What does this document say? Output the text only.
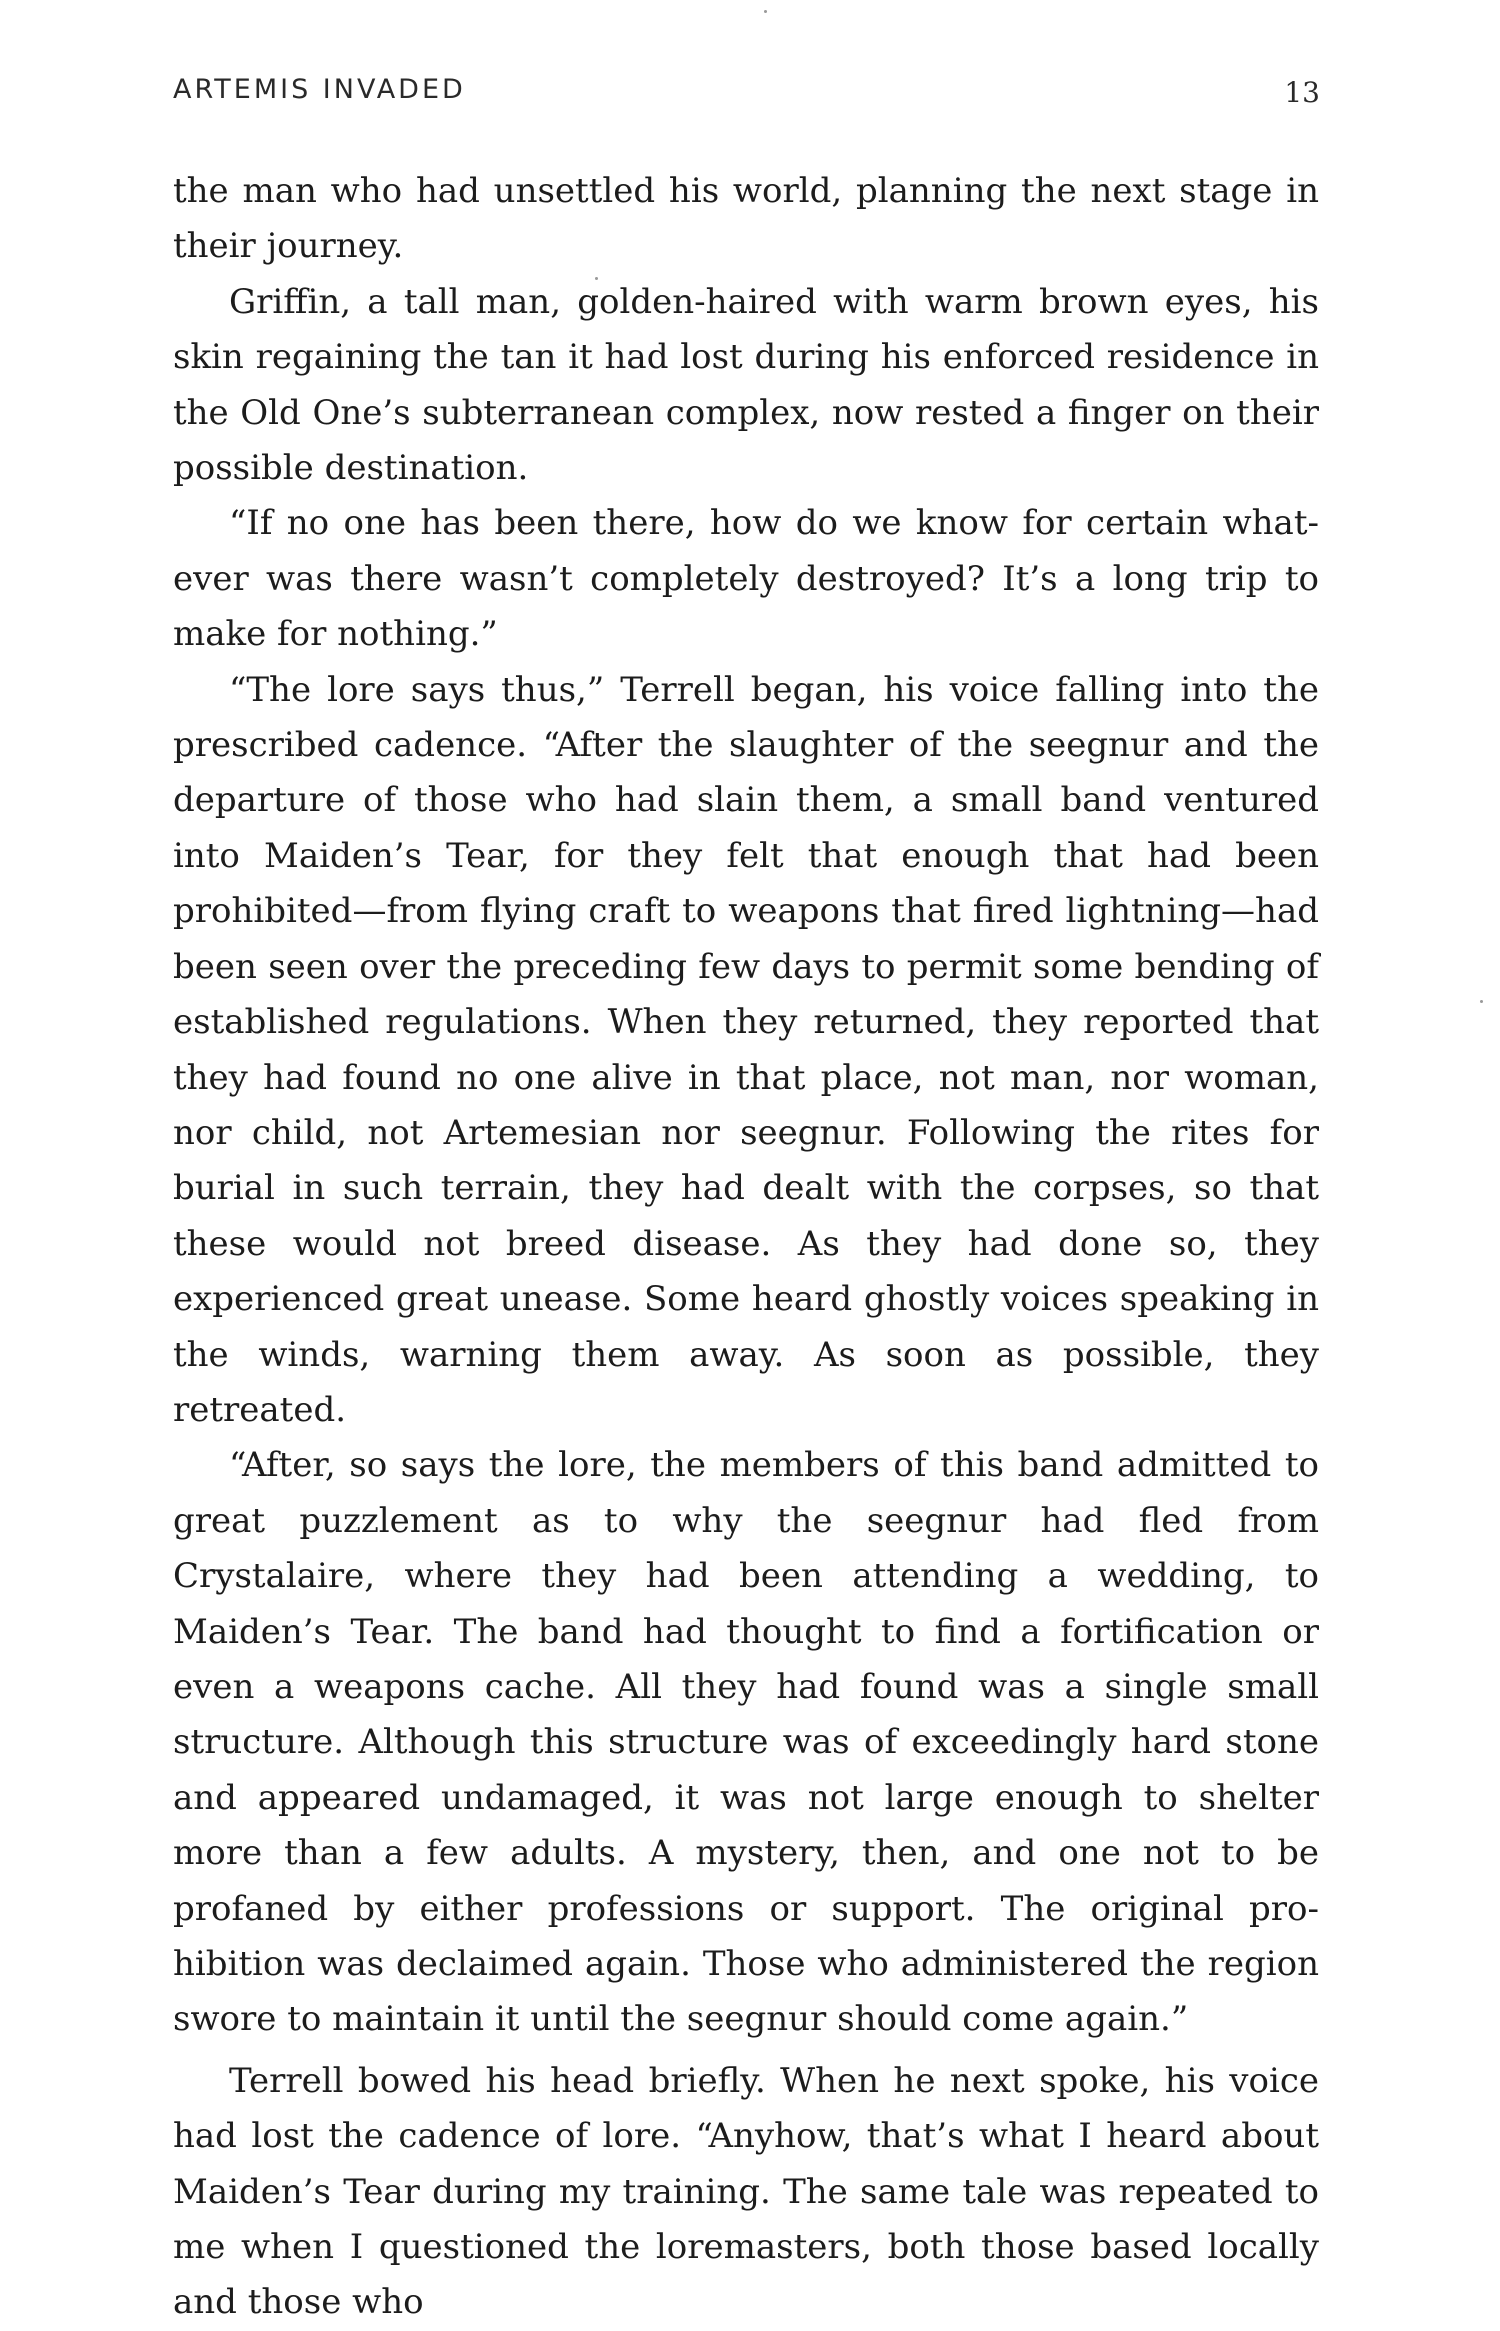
ARTEMIS INVADED	13

the man who had unsettled his world, planning the next stage in their journey.

Griffin, a tall man, golden-haired with warm brown eyes, his skin regaining the tan it had lost during his enforced residence in the Old One’s subterranean complex, now rested a finger on their possible destination.

“If no one has been there, how do we know for certain whatever was there wasn’t completely destroyed? It’s a long trip to make for nothing.”

“The lore says thus,” Terrell began, his voice falling into the prescribed cadence. “After the slaughter of the seegnur and the departure of those who had slain them, a small band ventured into Maiden’s Tear, for they felt that enough that had been prohibited—from flying craft to weapons that fired lightning—had been seen over the preceding few days to permit some bending of established regulations. When they returned, they reported that they had found no one alive in that place, not man, nor woman, nor child, not Artemesian nor seegnur. Following the rites for burial in such terrain, they had dealt with the corpses, so that these would not breed disease. As they had done so, they experienced great unease. Some heard ghostly voices speaking in the winds, warning them away. As soon as possible, they retreated.

“After, so says the lore, the members of this band admitted to great puzzlement as to why the seegnur had fled from Crystalaire, where they had been attending a wedding, to Maiden’s Tear. The band had thought to find a fortification or even a weapons cache. All they had found was a single small structure. Although this structure was of exceedingly hard stone and appeared undamaged, it was not large enough to shelter more than a few adults. A mystery, then, and one not to be profaned by either professions or support. The original prohibition was declaimed again. Those who administered the region swore to maintain it until the seegnur should come again.”

Terrell bowed his head briefly. When he next spoke, his voice had lost the cadence of lore. “Anyhow, that’s what I heard about Maiden’s Tear during my training. The same tale was repeated to me when I questioned the loremasters, both those based locally and those who
